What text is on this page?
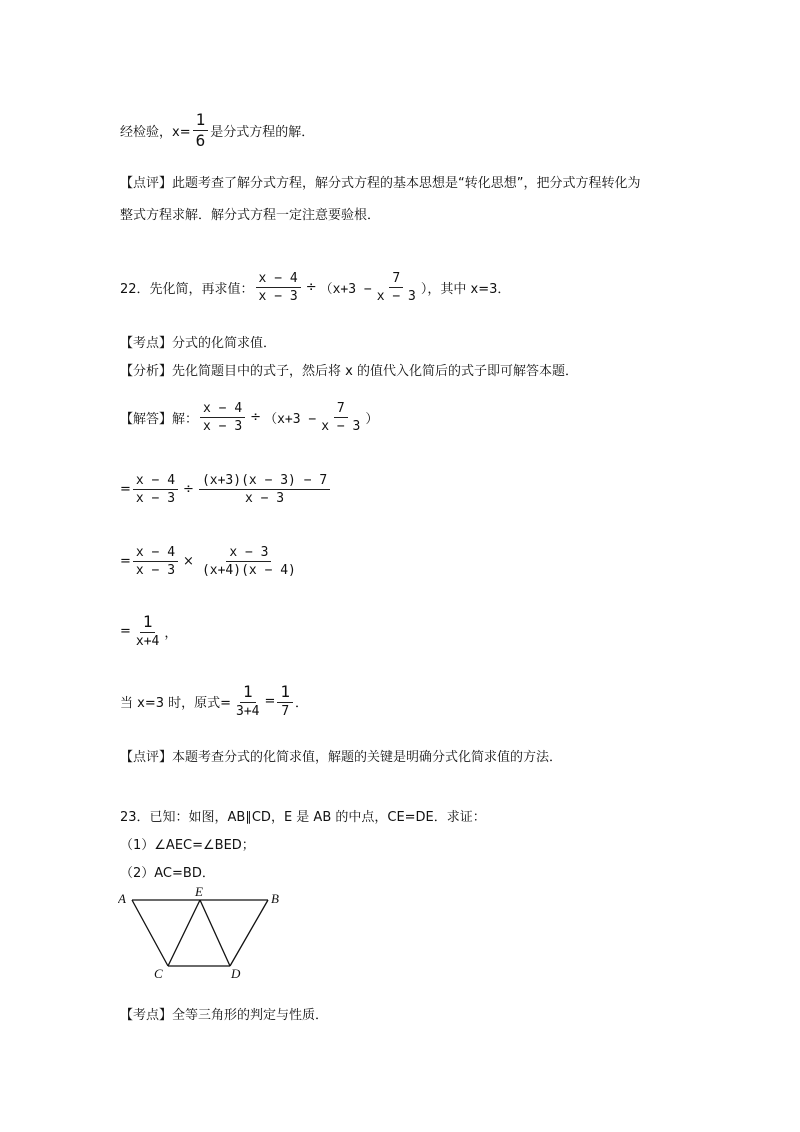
经检验，$x= \frac{1}{6}$ 是分式方程的解．
【点评】此题考查了解分式方程，解分式方程的基本思想是“转化思想”，把分式方程转化为
整式方程求解．解分式方程一定注意要验根．
22．先化简，再求值： $\frac{x - 4}{x - 3} \div (x+3 - \frac{7}{x - 3}$ ），其中 x=3．
【考点】分式的化简求值．
【分析】先化简题目中的式子，然后将 x 的值代入化简后的式子即可解答本题．
【解答】解： $\frac{x - 4}{x - 3} \div (x+3 - \frac{7}{x - 3}$ ）
= $\frac{x - 4}{x - 3} \div \frac{(x+3)(x - 3) - 7}{x - 3}$
= $\frac{x - 4}{x - 3} \times \frac{x - 3}{(x+4)(x - 4)}$
= $\frac{1}{x+4}$ ，
当 x=3 时，原式= $\frac{1}{3+4} = \frac{1}{7}$ ．
【点评】本题考查分式的化简求值，解题的关键是明确分式化简求值的方法．
23．已知：如图，AB∥CD，E 是 AB 的中点，CE=DE．求证：
（1）∠AEC=∠BED；
（2）AC=BD．
A	E	B
C	D
【考点】全等三角形的判定与性质．
